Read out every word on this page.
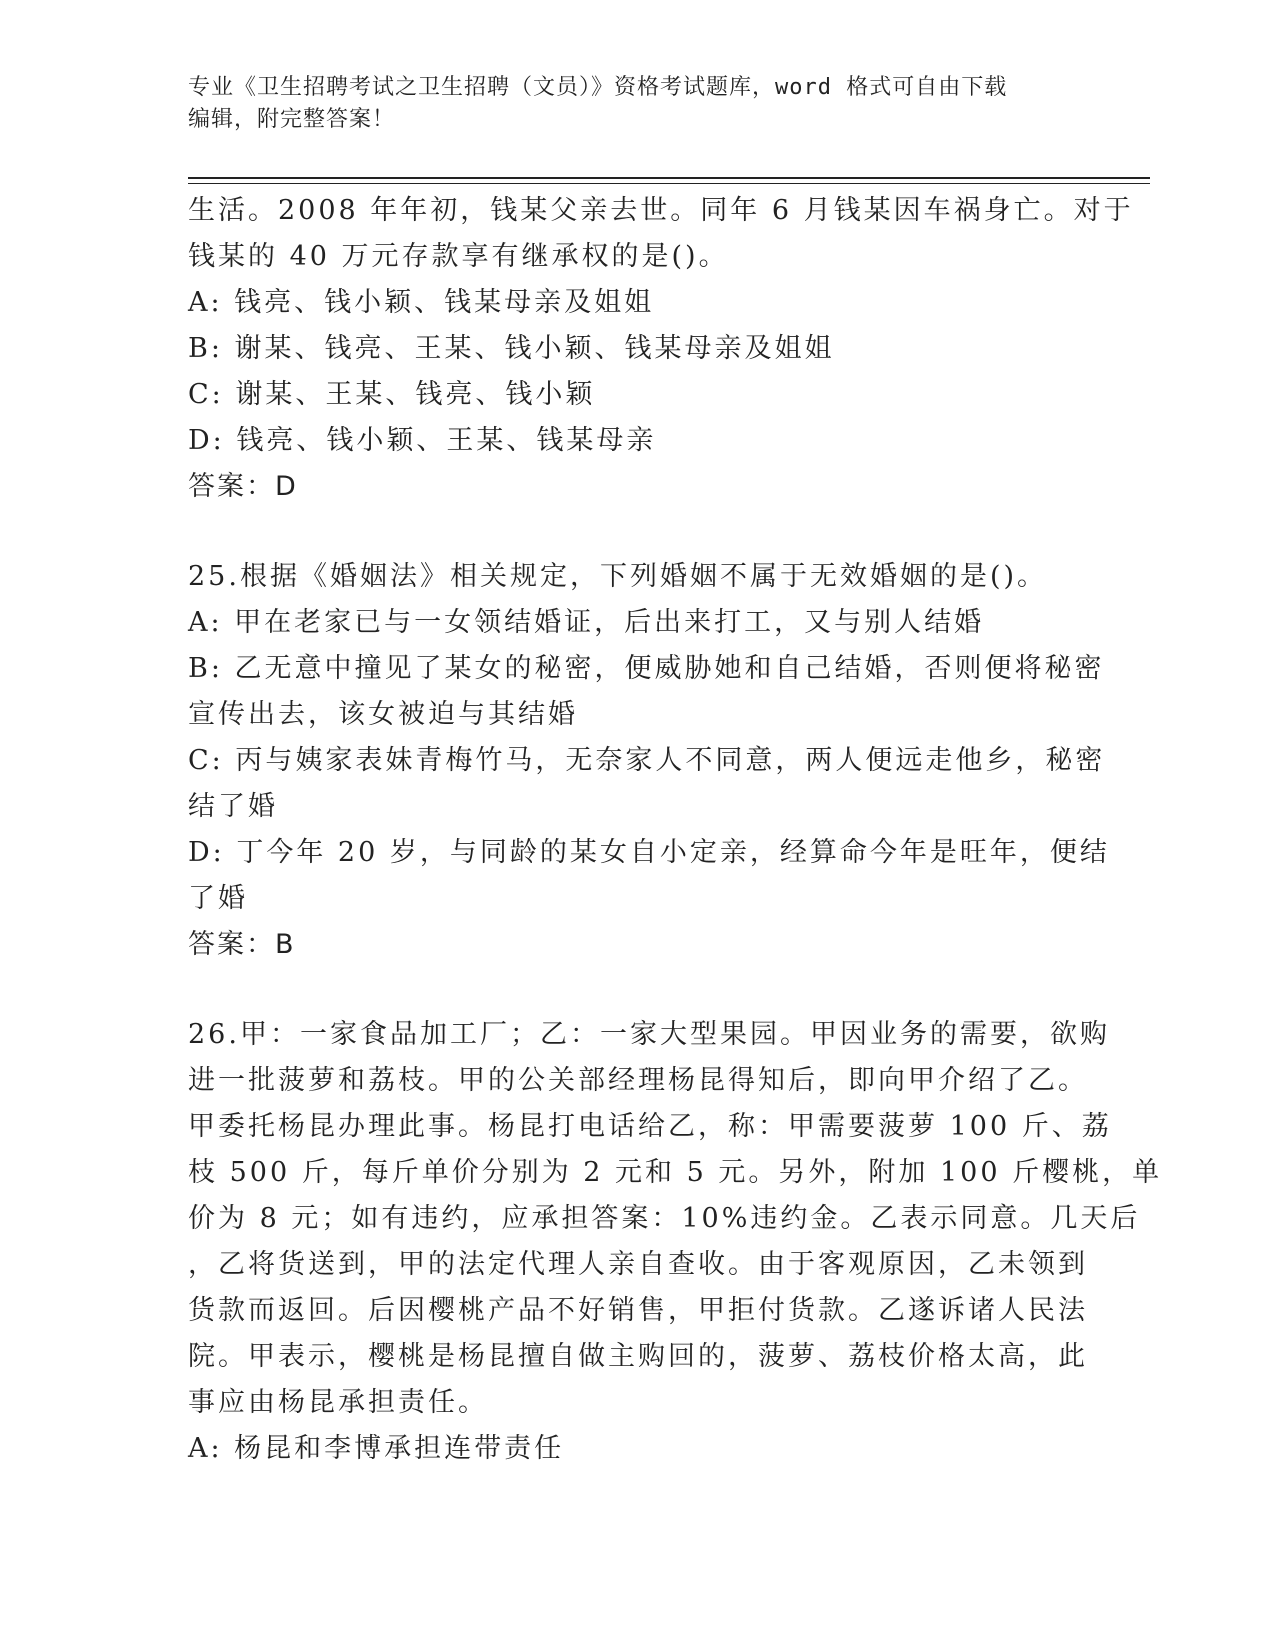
专业《卫生招聘考试之卫生招聘（文员）》资格考试题库，word 格式可自由下载
编辑，附完整答案！
生活。2008 年年初，钱某父亲去世。同年 6 月钱某因车祸身亡。对于
钱某的 40 万元存款享有继承权的是()。
A: 钱亮、钱小颖、钱某母亲及姐姐
B: 谢某、钱亮、王某、钱小颖、钱某母亲及姐姐
C: 谢某、王某、钱亮、钱小颖
D: 钱亮、钱小颖、王某、钱某母亲
答案：D
25.根据《婚姻法》相关规定，下列婚姻不属于无效婚姻的是()。
A: 甲在老家已与一女领结婚证，后出来打工，又与别人结婚
B: 乙无意中撞见了某女的秘密，便威胁她和自己结婚，否则便将秘密
宣传出去，该女被迫与其结婚
C: 丙与姨家表妹青梅竹马，无奈家人不同意，两人便远走他乡，秘密
结了婚
D: 丁今年 20 岁，与同龄的某女自小定亲，经算命今年是旺年，便结
了婚
答案：B
26.甲：一家食品加工厂；乙：一家大型果园。甲因业务的需要，欲购
进一批菠萝和荔枝。甲的公关部经理杨昆得知后，即向甲介绍了乙。
甲委托杨昆办理此事。杨昆打电话给乙，称：甲需要菠萝 100 斤、荔
枝 500 斤，每斤单价分别为 2 元和 5 元。另外，附加 100 斤樱桃，单
价为 8 元；如有违约，应承担答案：10%违约金。乙表示同意。几天后
，乙将货送到，甲的法定代理人亲自查收。由于客观原因，乙未领到
货款而返回。后因樱桃产品不好销售，甲拒付货款。乙遂诉诸人民法
院。甲表示，樱桃是杨昆擅自做主购回的，菠萝、荔枝价格太高，此
事应由杨昆承担责任。
A: 杨昆和李博承担连带责任
